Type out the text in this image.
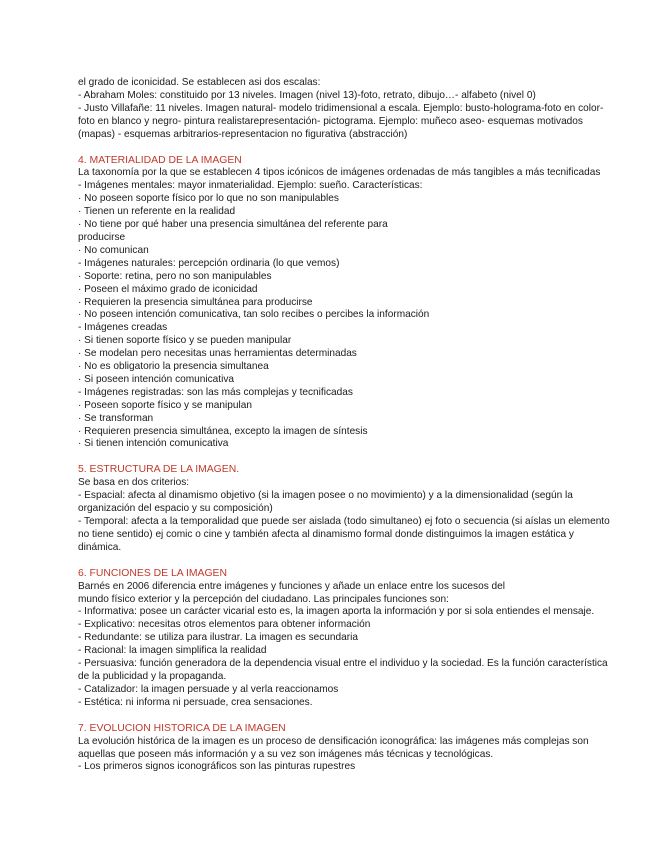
el grado de iconicidad. Se establecen asi dos escalas:
- Abraham Moles: constituido por 13 niveles. Imagen (nivel 13)-foto, retrato, dibujo…- alfabeto (nivel 0)
- Justo Villafañe: 11 niveles. Imagen natural- modelo tridimensional a escala. Ejemplo: busto-holograma-foto en color-
foto en blanco y negro- pintura realistarepresentación- pictograma. Ejemplo: muñeco aseo- esquemas motivados
(mapas) - esquemas arbitrarios-representacion no figurativa (abstracción)
4. MATERIALIDAD DE LA IMAGEN
La taxonomía por la que se establecen 4 tipos icónicos de imágenes ordenadas de más tangibles a más tecnificadas
- Imágenes mentales: mayor inmaterialidad. Ejemplo: sueño. Características:
· No poseen soporte físico por lo que no son manipulables
· Tienen un referente en la realidad
· No tiene por qué haber una presencia simultánea del referente para
producirse
· No comunican
- Imágenes naturales: percepción ordinaria (lo que vemos)
· Soporte: retina, pero no son manipulables
· Poseen el máximo grado de iconicidad
· Requieren la presencia simultánea para producirse
· No poseen intención comunicativa, tan solo recibes o percibes la información
- Imágenes creadas
· Si tienen soporte físico y se pueden manipular
· Se modelan pero necesitas unas herramientas determinadas
· No es obligatorio la presencia simultanea
· Si poseen intención comunicativa
- Imágenes registradas: son las más complejas y tecnificadas
· Poseen soporte físico y se manipulan
· Se transforman
· Requieren presencia simultánea, excepto la imagen de síntesis
· Si tienen intención comunicativa
5. ESTRUCTURA DE LA IMAGEN.
Se basa en dos criterios:
- Espacial: afecta al dinamismo objetivo (si la imagen posee o no movimiento) y a la dimensionalidad (según la
organización del espacio y su composición)
- Temporal: afecta a la temporalidad que puede ser aislada (todo simultaneo) ej foto o secuencia (si aíslas un elemento
no tiene sentido) ej comic o cine y también afecta al dinamismo formal donde distinguimos la imagen estática y
dinámica.
6. FUNCIONES DE LA IMAGEN
Barnés en 2006 diferencia entre imágenes y funciones y añade un enlace entre los sucesos del
mundo físico exterior y la percepción del ciudadano. Las principales funciones son:
- Informativa: posee un carácter vicarial esto es, la imagen aporta la información y por si sola entiendes el mensaje.
- Explicativo: necesitas otros elementos para obtener información
- Redundante: se utiliza para ilustrar. La imagen es secundaria
- Racional: la imagen simplifica la realidad
- Persuasiva: función generadora de la dependencia visual entre el individuo y la sociedad. Es la función característica
de la publicidad y la propaganda.
- Catalizador: la imagen persuade y al verla reaccionamos
- Estética: ni informa ni persuade, crea sensaciones.
7. EVOLUCION HISTORICA DE LA IMAGEN
La evolución histórica de la imagen es un proceso de densificación iconográfica: las imágenes más complejas son
aquellas que poseen más información y a su vez son imágenes más técnicas y tecnológicas.
- Los primeros signos iconográficos son las pinturas rupestres
